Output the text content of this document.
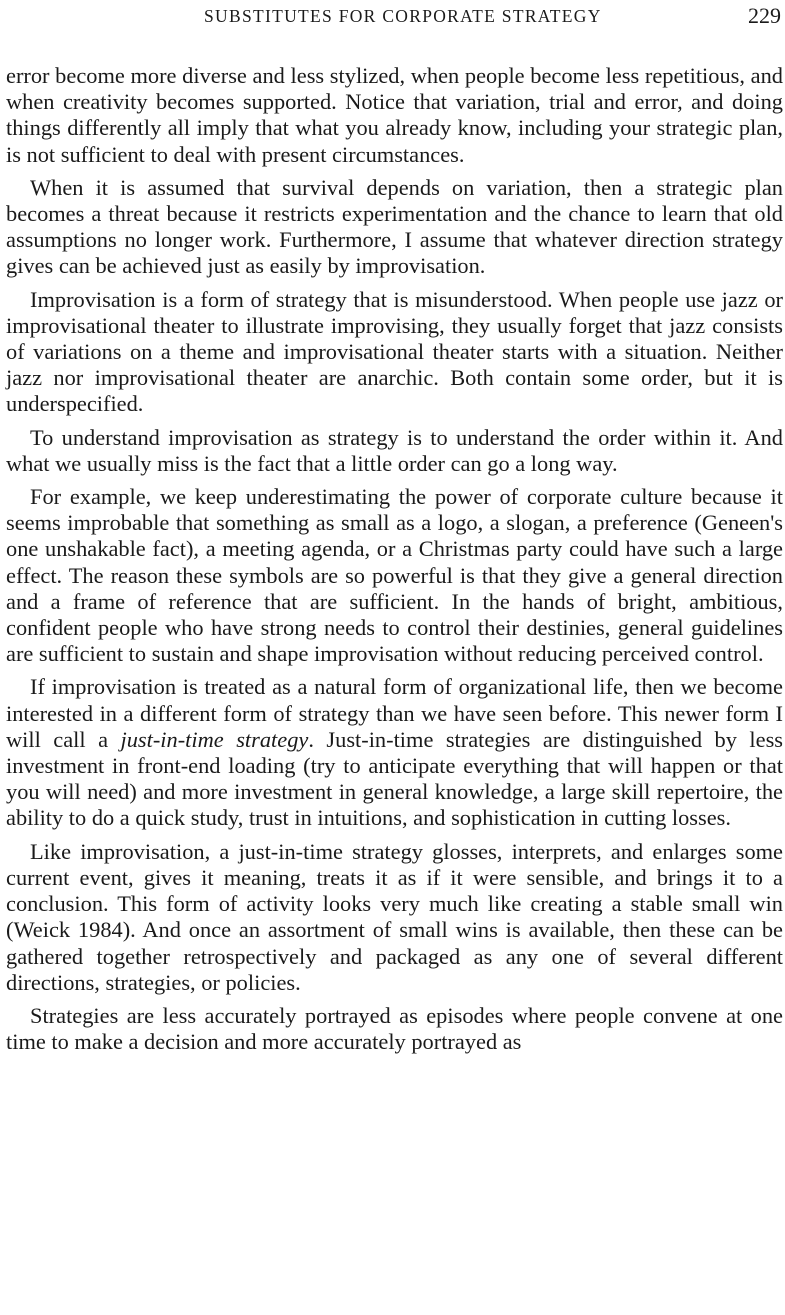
SUBSTITUTES FOR CORPORATE STRATEGY	229

error become more diverse and less stylized, when people become less repetitious, and when creativity becomes supported. Notice that variation, trial and error, and doing things differently all imply that what you already know, including your strategic plan, is not sufficient to deal with present circumstances.

When it is assumed that survival depends on variation, then a strategic plan becomes a threat because it restricts experimentation and the chance to learn that old assumptions no longer work. Furthermore, I assume that whatever direction strategy gives can be achieved just as easily by improvisation.

Improvisation is a form of strategy that is misunderstood. When people use jazz or improvisational theater to illustrate improvising, they usually forget that jazz consists of variations on a theme and improvisational theater starts with a situation. Neither jazz nor improvisational theater are anarchic. Both contain some order, but it is underspecified.

To understand improvisation as strategy is to understand the order within it. And what we usually miss is the fact that a little order can go a long way.

For example, we keep underestimating the power of corporate culture because it seems improbable that something as small as a logo, a slogan, a preference (Geneen's one unshakable fact), a meeting agenda, or a Christmas party could have such a large effect. The reason these symbols are so powerful is that they give a general direction and a frame of reference that are sufficient. In the hands of bright, ambitious, confident people who have strong needs to control their destinies, general guidelines are sufficient to sustain and shape improvisation without reducing perceived control.

If improvisation is treated as a natural form of organizational life, then we become interested in a different form of strategy than we have seen before. This newer form I will call a just-in-time strategy. Just-in-time strategies are distinguished by less investment in front-end loading (try to anticipate everything that will happen or that you will need) and more investment in general knowledge, a large skill repertoire, the ability to do a quick study, trust in intuitions, and sophistication in cutting losses.

Like improvisation, a just-in-time strategy glosses, interprets, and enlarges some current event, gives it meaning, treats it as if it were sensible, and brings it to a conclusion. This form of activity looks very much like creating a stable small win (Weick 1984). And once an assortment of small wins is available, then these can be gathered together retrospectively and packaged as any one of several different directions, strategies, or policies.

Strategies are less accurately portrayed as episodes where people convene at one time to make a decision and more accurately portrayed as
